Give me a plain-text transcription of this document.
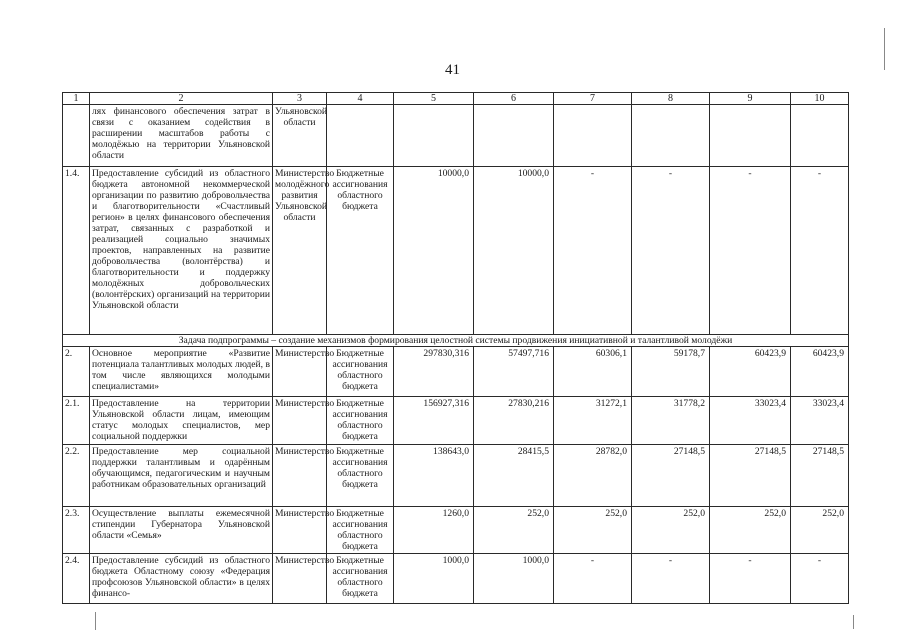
41
1	2	3	4	5	6	7	8	9	10
	лях финансового обеспечения затрат в связи с оказанием содействия в расширении масштабов работы с молодёжью на территории Ульяновской области	Ульяновской области							
1.4.	Предоставление субсидий из областного бюджета автономной некоммерческой организации по развитию добровольчества и благотворительности «Счастливый регион» в целях финансового обеспечения затрат, связанных с разработкой и реализацией социально значимых проектов, направленных на развитие добровольчества (волонтёрства) и благотворительности и поддержку молодёжных добровольческих (волонтёрских) организаций на территории Ульяновской области	Министерство молодёжного развития Ульяновской области	Бюджетные ассигнования областного бюджета	10000,0	10000,0	-	-	-	-
Задача подпрограммы – создание механизмов формирования целостной системы продвижения инициативной и талантливой молодёжи									
2.	Основное мероприятие «Развитие потенциала талантливых молодых людей, в том числе являющихся молодыми специалистами»	Министерство	Бюджетные ассигнования областного бюджета	297830,316	57497,716	60306,1	59178,7	60423,9	60423,9
2.1.	Предоставление на территории Ульяновской области лицам, имеющим статус молодых специалистов, мер социальной поддержки	Министерство	Бюджетные ассигнования областного бюджета	156927,316	27830,216	31272,1	31778,2	33023,4	33023,4
2.2.	Предоставление мер социальной поддержки талантливым и одарённым обучающимся, педагогическим и научным работникам образовательных организаций	Министерство	Бюджетные ассигнования областного бюджета	138643,0	28415,5	28782,0	27148,5	27148,5	27148,5
2.3.	Осуществление выплаты ежемесячной стипендии Губернатора Ульяновской области «Семья»	Министерство	Бюджетные ассигнования областного бюджета	1260,0	252,0	252,0	252,0	252,0	252,0
2.4.	Предоставление субсидий из областного бюджета Областному союзу «Федерация профсоюзов Ульяновской области» в целях финансо-	Министерство	Бюджетные ассигнования областного бюджета	1000,0	1000,0	-	-	-	-
